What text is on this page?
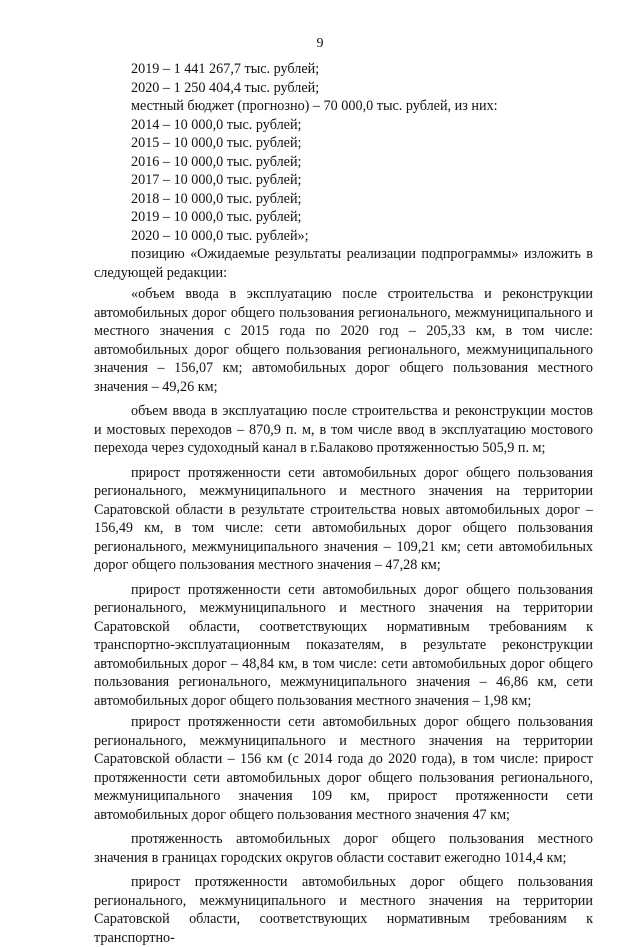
9
2019 – 1 441 267,7 тыс. рублей;
2020 – 1 250 404,4 тыс. рублей;
местный бюджет (прогнозно) – 70 000,0 тыс. рублей, из них:
2014 – 10 000,0 тыс. рублей;
2015 – 10 000,0 тыс. рублей;
2016 – 10 000,0 тыс. рублей;
2017 – 10 000,0 тыс. рублей;
2018 – 10 000,0 тыс. рублей;
2019 – 10 000,0 тыс. рублей;
2020 – 10 000,0 тыс. рублей»;

позицию «Ожидаемые результаты реализации подпрограммы» изложить в следующей редакции:

«объем ввода в эксплуатацию после строительства и реконструкции автомобильных дорог общего пользования регионального, межмуниципального и местного значения с 2015 года по 2020 год – 205,33 км, в том числе: автомобильных дорог общего пользования регионального, межмуниципального значения – 156,07 км; автомобильных дорог общего пользования местного значения – 49,26 км;

объем ввода в эксплуатацию после строительства и реконструкции мостов и мостовых переходов – 870,9 п. м, в том числе ввод в эксплуатацию мостового перехода через судоходный канал в г.Балаково протяженностью 505,9 п. м;

прирост протяженности сети автомобильных дорог общего пользования регионального, межмуниципального и местного значения на территории Саратовской области в результате строительства новых автомобильных дорог – 156,49 км, в том числе: сети автомобильных дорог общего пользования регионального, межмуниципального значения – 109,21 км; сети автомобильных дорог общего пользования местного значения – 47,28 км;

прирост протяженности сети автомобильных дорог общего пользования регионального, межмуниципального и местного значения на территории Саратовской области, соответствующих нормативным требованиям к транспортно-эксплуатационным показателям, в результате реконструкции автомобильных дорог – 48,84 км, в том числе: сети автомобильных дорог общего пользования регионального, межмуниципального значения – 46,86 км, сети автомобильных дорог общего пользования местного значения – 1,98 км;

прирост протяженности сети автомобильных дорог общего пользования регионального, межмуниципального и местного значения на территории Саратовской области – 156 км (с 2014 года до 2020 года), в том числе: прирост протяженности сети автомобильных дорог общего пользования регионального, межмуниципального значения 109 км, прирост протяженности сети автомобильных дорог общего пользования местного значения 47 км;

протяженность автомобильных дорог общего пользования местного значения в границах городских округов области составит ежегодно 1014,4 км;

прирост протяженности автомобильных дорог общего пользования регионального, межмуниципального и местного значения на территории Саратовской области, соответствующих нормативным требованиям к транспортно-
